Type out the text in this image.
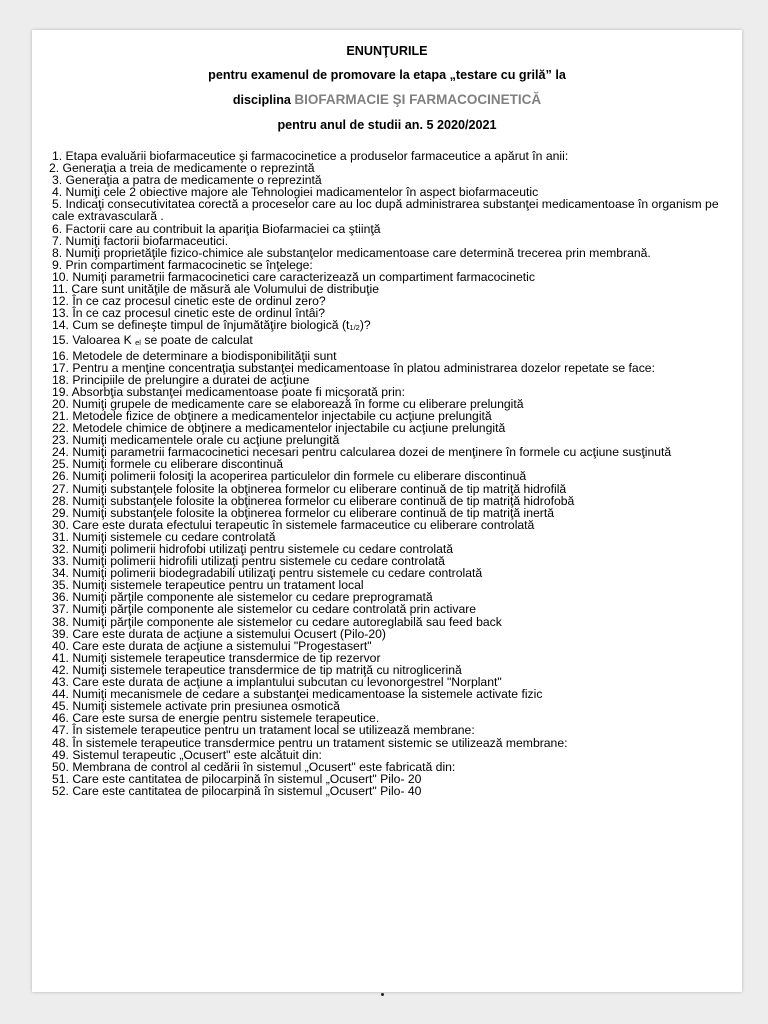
ENUNŢURILE
pentru examenul de promovare la etapa „testare cu grilă” la
disciplina BIOFARMACIE ŞI FARMACOCINETICĂ
pentru anul de studii an. 5 2020/2021

1. Etapa evaluării biofarmaceutice şi farmacocinetice a produselor farmaceutice a apărut în anii:

2. Generaţia a treia de medicamente o reprezintă

3. Generaţia a patra de medicamente o reprezintă

4. Numiţi cele 2 obiective majore ale Tehnologiei madicamentelor în aspect biofarmaceutic

5. Indicaţi consecutivitatea corectă a proceselor care au loc după administrarea substanţei medicamentoase în organism pe cale extravasculară .

6. Factorii care au contribuit la apariţia Biofarmaciei ca ştiinţă

7. Numiţi factorii biofarmaceutici.

8. Numiţi proprietăţile fizico-chimice ale substanţelor medicamentoase care determină trecerea prin membrană.

9. Prin compartiment farmacocinetic se înţelege:

10. Numiţi parametrii farmacocinetici care caracterizează un compartiment farmacocinetic

11. Care sunt unităţile de măsură ale Volumului de distribuţie

12. În ce caz procesul cinetic este de ordinul zero?

13. În ce caz procesul cinetic este de ordinul întâi?

14. Cum se defineşte timpul de înjumătăţire biologică (t1/2)?

15. Valoarea K el se poate de calculat

16. Metodele de determinare a biodisponibilităţii sunt

17. Pentru a menţine concentraţia substanţei medicamentoase în platou administrarea dozelor repetate se face:

18. Principiile de prelungire a duratei de acţiune

19. Absorbţia substanţei medicamentoase poate fi micşorată prin:

20. Numiţi grupele de medicamente care se elaborează în forme cu eliberare prelungită

21. Metodele fizice de obţinere a medicamentelor injectabile cu acţiune prelungită

22. Metodele chimice de obţinere a medicamentelor injectabile cu acţiune prelungită

23. Numiţi medicamentele orale cu acţiune prelungită

24. Numiţi parametrii farmacocinetici necesari pentru calcularea dozei de menţinere în formele cu acţiune susţinută

25. Numiţi formele cu eliberare discontinuă

26. Numiţi polimerii folosiţi la acoperirea particulelor din formele cu eliberare discontinuă

27. Numiţi substanţele folosite la obţinerea formelor cu eliberare continuă de tip matriţă hidrofilă

28. Numiţi substanţele folosite la obţinerea formelor cu eliberare continuă de tip matriţă hidrofobă

29. Numiţi substanţele folosite la obţinerea formelor cu eliberare continuă de tip matriţă inertă

30. Care este durata efectului terapeutic în sistemele farmaceutice cu eliberare controlată

31. Numiţi sistemele cu cedare controlată

32. Numiţi polimerii hidrofobi utilizaţi pentru sistemele cu cedare controlată

33. Numiţi polimerii hidrofili utilizaţi pentru sistemele cu cedare controlată

34. Numiţi polimerii biodegradabili utilizaţi pentru sistemele cu cedare controlată

35. Numiţi sistemele terapeutice pentru un tratament local

36. Numiţi părţile componente ale sistemelor cu cedare preprogramată

37. Numiţi părţile componente ale sistemelor cu cedare controlată prin activare

38. Numiţi părţile componente ale sistemelor cu cedare autoreglabilă sau feed back

39. Care este durata de acţiune a sistemului Ocusert (Pilo-20)

40. Care este durata de acţiune a sistemului "Progestasert"

41. Numiţi sistemele terapeutice transdermice de tip rezervor

42. Numiţi sistemele terapeutice transdermice de tip matriţă cu nitroglicerină

43. Care este durata de acţiune a implantului subcutan cu levonorgestrel "Norplant"

44. Numiţi mecanismele de cedare a substanţei medicamentoase la sistemele activate fizic

45. Numiţi sistemele activate prin presiunea osmotică

46. Care este sursa de energie pentru sistemele terapeutice.

47. În sistemele terapeutice pentru un tratament local se utilizează membrane:

48. În sistemele terapeutice transdermice pentru un tratament sistemic se utilizează membrane:

49. Sistemul terapeutic „Ocusert" este alcătuit din:

50. Membrana de control al cedării în sistemul „Ocusert" este fabricată din:

51. Care este cantitatea de pilocarpină în sistemul „Ocusert" Pilo- 20

52. Care este cantitatea de pilocarpină în sistemul „Ocusert" Pilo- 40
